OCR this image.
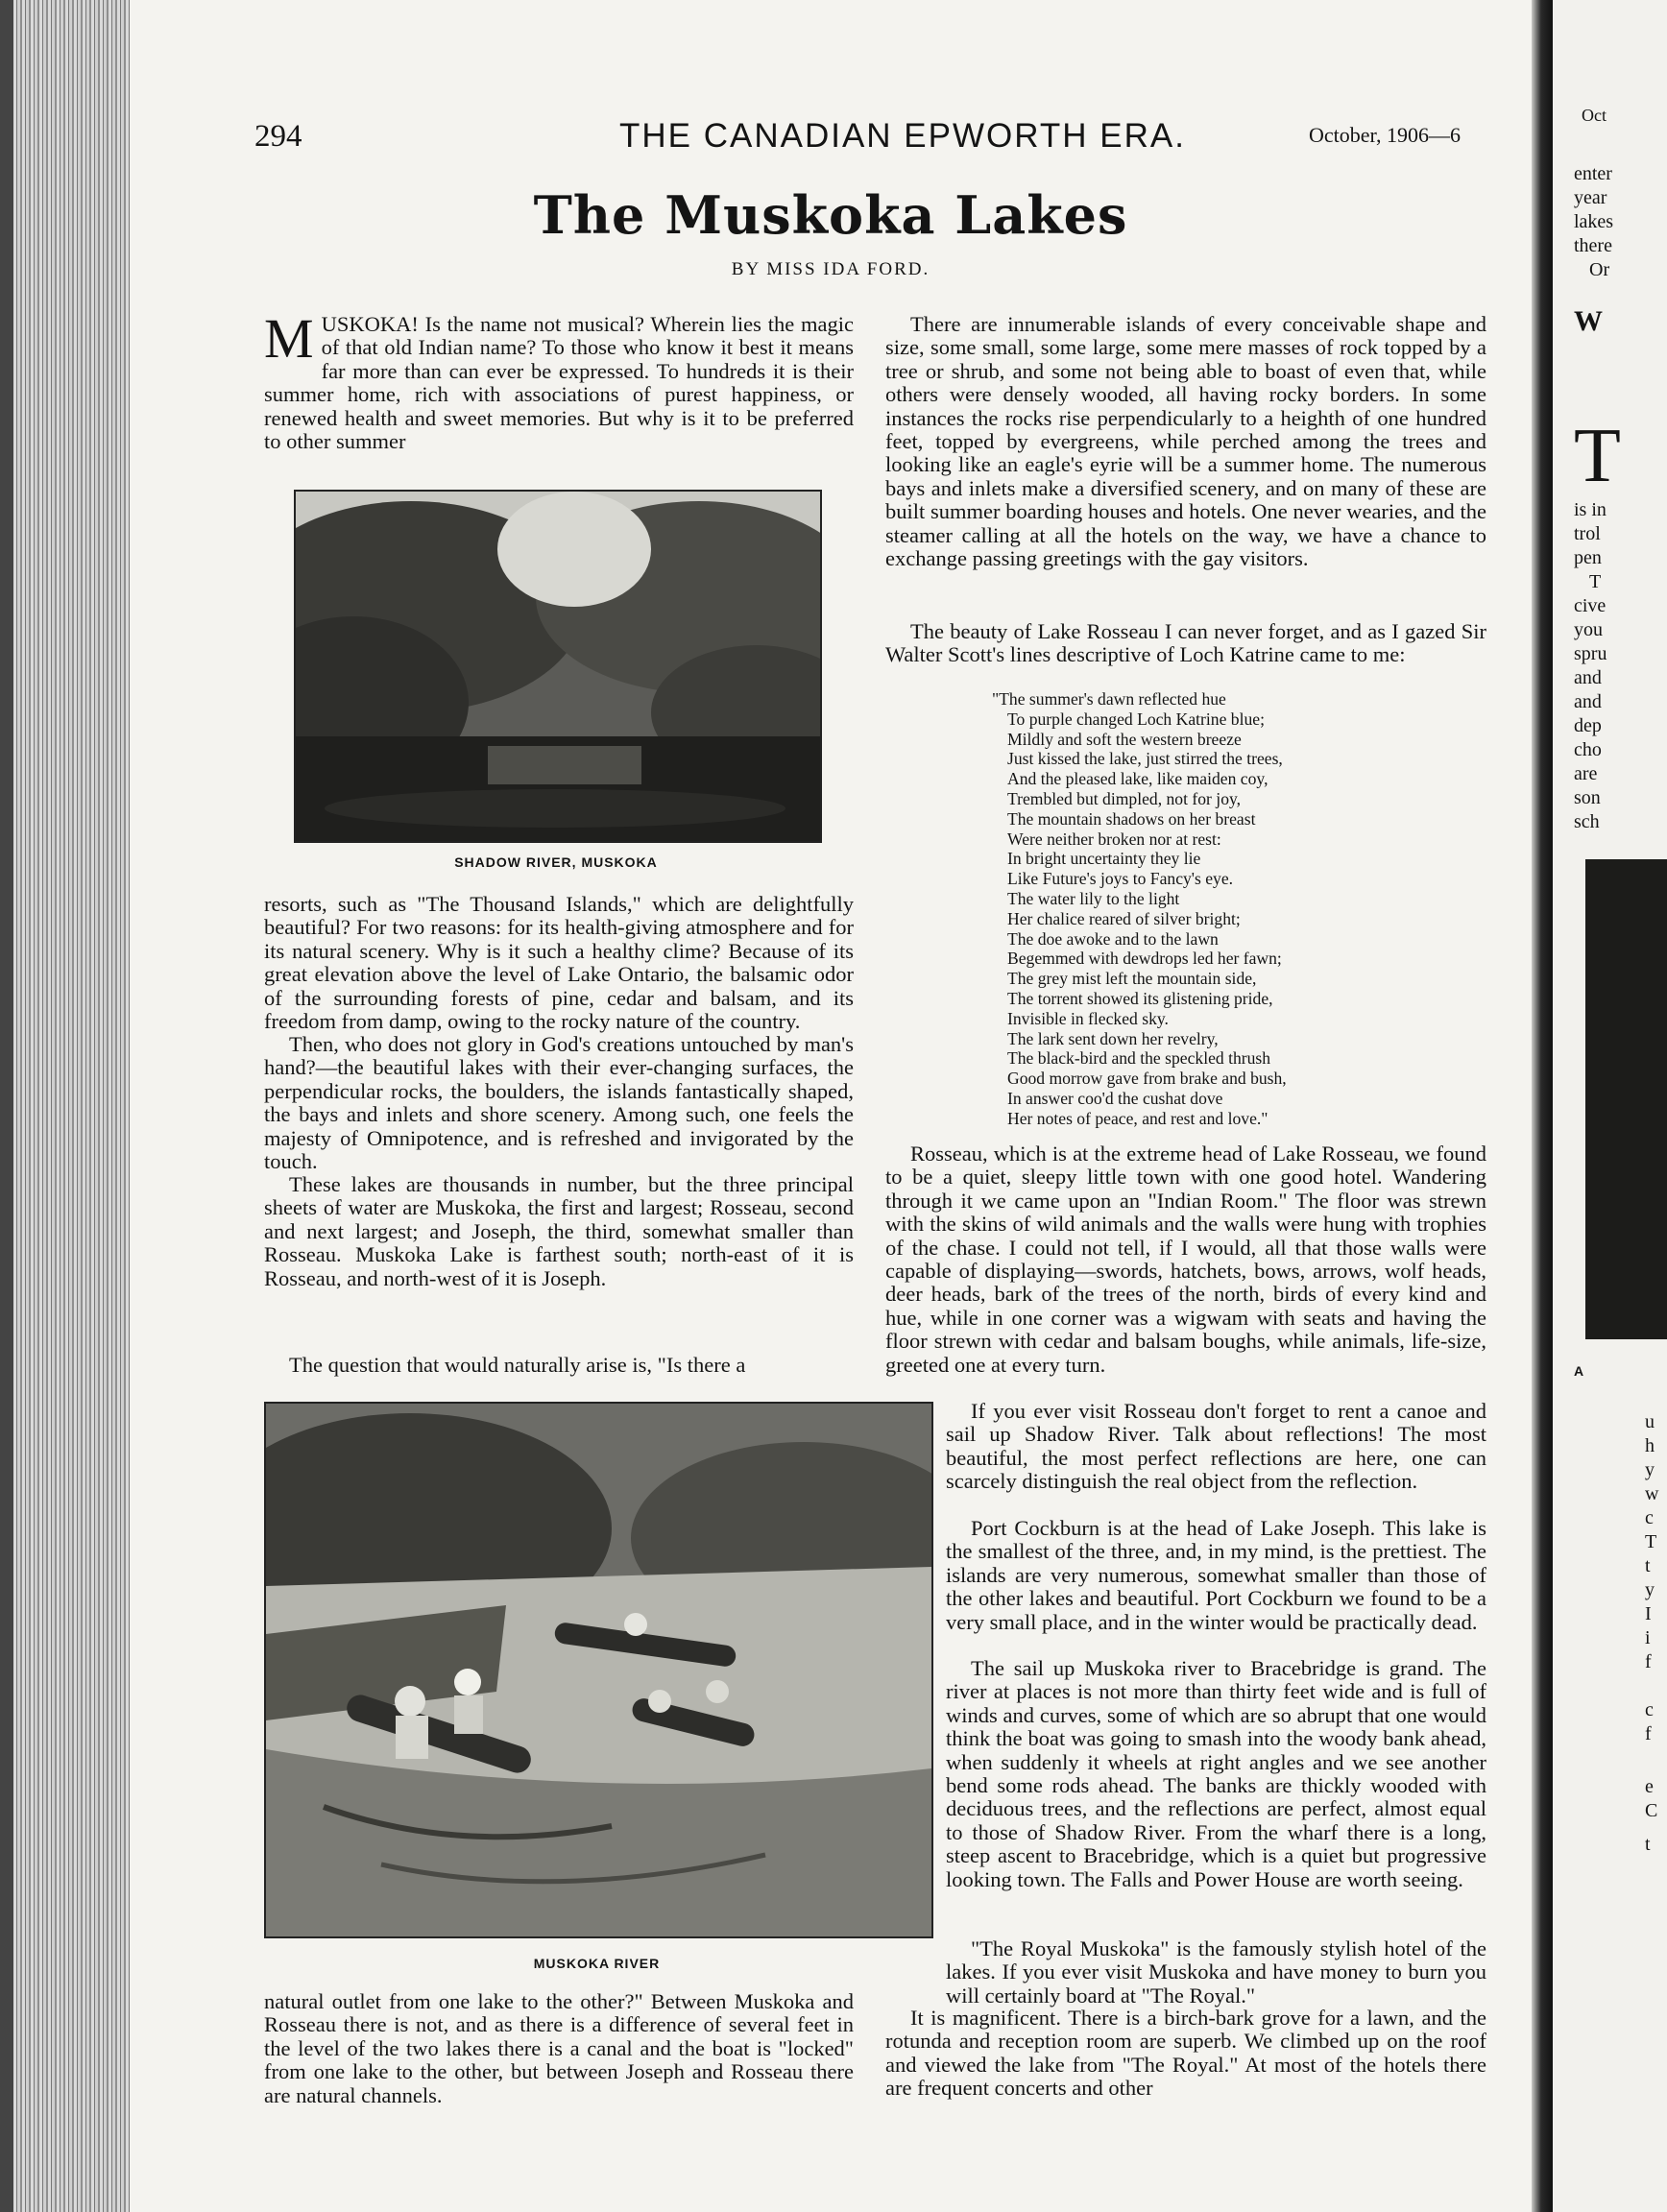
294	THE CANADIAN EPWORTH ERA.	October, 1906—6
The Muskoka Lakes
BY MISS IDA FORD.
MUSKOKA! Is the name not musical? Wherein lies the magic of that old Indian name? To those who know it best it means far more than can ever be expressed. To hundreds it is their summer home, rich with associations of purest happiness, or renewed health and sweet memories. But why is it to be preferred to other summer
SHADOW RIVER, MUSKOKA

resorts, such as "The Thousand Islands," which are delightfully beautiful? For two reasons: for its health-giving atmosphere and for its natural scenery. Why is it such a healthy clime? Because of its great elevation above the level of Lake Ontario, the balsamic odor of the surrounding forests of pine, cedar and balsam, and its freedom from damp, owing to the rocky nature of the country.

Then, who does not glory in God's creations untouched by man's hand?—the beautiful lakes with their ever-changing surfaces, the perpendicular rocks, the boulders, the islands fantastically shaped, the bays and inlets and shore scenery. Among such, one feels the majesty of Omnipotence, and is refreshed and invigorated by the touch.

These lakes are thousands in number, but the three principal sheets of water are Muskoka, the first and largest; Rosseau, second and next largest; and Joseph, the third, somewhat smaller than Rosseau. Muskoka Lake is farthest south; north-east of it is Rosseau, and north-west of it is Joseph.

The question that would naturally arise is, "Is there a

MUSKOKA RIVER

natural outlet from one lake to the other?" Between Muskoka and Rosseau there is not, and as there is a difference of several feet in the level of the two lakes there is a canal and the boat is "locked" from one lake to the other, but between Joseph and Rosseau there are natural channels.

There are innumerable islands of every conceivable shape and size, some small, some large, some mere masses of rock topped by a tree or shrub, and some not being able to boast of even that, while others were densely wooded, all having rocky borders. In some instances the rocks rise perpendicularly to a heighth of one hundred feet, topped by evergreens, while perched among the trees and looking like an eagle's eyrie will be a summer home. The numerous bays and inlets make a diversified scenery, and on many of these are built summer boarding houses and hotels. One never wearies, and the steamer calling at all the hotels on the way, we have a chance to exchange passing greetings with the gay visitors.

The beauty of Lake Rosseau I can never forget, and as I gazed Sir Walter Scott's lines descriptive of Loch Katrine came to me:

"The summer's dawn reflected hue
To purple changed Loch Katrine blue;
Mildly and soft the western breeze
Just kissed the lake, just stirred the trees,
And the pleased lake, like maiden coy,
Trembled but dimpled, not for joy,
The mountain shadows on her breast
Were neither broken nor at rest:
In bright uncertainty they lie
Like Future's joys to Fancy's eye.
The water lily to the light
Her chalice reared of silver bright;
The doe awoke and to the lawn
Begemmed with dewdrops led her fawn;
The grey mist left the mountain side,
The torrent showed its glistening pride,
Invisible in flecked sky.
The lark sent down her revelry,
The black-bird and the speckled thrush
Good morrow gave from brake and bush,
In answer coo'd the cushat dove
Her notes of peace, and rest and love."

Rosseau, which is at the extreme head of Lake Rosseau, we found to be a quiet, sleepy little town with one good hotel. Wandering through it we came upon an "Indian Room." The floor was strewn with the skins of wild animals and the walls were hung with trophies of the chase. I could not tell, if I would, all that those walls were capable of displaying—swords, hatchets, bows, arrows, wolf heads, deer heads, bark of the trees of the north, birds of every kind and hue, while in one corner was a wigwam with seats and having the floor strewn with cedar and balsam boughs, while animals, life-size, greeted one at every turn.

If you ever visit Rosseau don't forget to rent a canoe and sail up Shadow River. Talk about reflections! The most beautiful, the most perfect reflections are here, one can scarcely distinguish the real object from the reflection.

Port Cockburn is at the head of Lake Joseph. This lake is the smallest of the three, and, in my mind, is the prettiest. The islands are very numerous, somewhat smaller than those of the other lakes and beautiful. Port Cockburn we found to be a very small place, and in the winter would be practically dead.

The sail up Muskoka river to Bracebridge is grand. The river at places is not more than thirty feet wide and is full of winds and curves, some of which are so abrupt that one would think the boat was going to smash into the woody bank ahead, when suddenly it wheels at right angles and we see another bend some rods ahead. The banks are thickly wooded with deciduous trees, and the reflections are perfect, almost equal to those of Shadow River. From the wharf there is a long, steep ascent to Bracebridge, which is a quiet but progressive looking town. The Falls and Power House are worth seeing.

"The Royal Muskoka" is the famously stylish hotel of the lakes. If you ever visit Muskoka and have money to burn you will certainly board at "The Royal."

It is magnificent. There is a birch-bark grove for a lawn, and the rotunda and reception room are superb. We climbed up on the roof and viewed the lake from "The Royal." At most of the hotels there are frequent concerts and other

Oct
enter
year
lakes
there
Or
W
T
is in
trol
pen
T
cive
you
spru
and
and
dep
cho
are
son
sch
A
u
h
y
w
c
T
t
y
I
i
f
c
f
e
C
t
